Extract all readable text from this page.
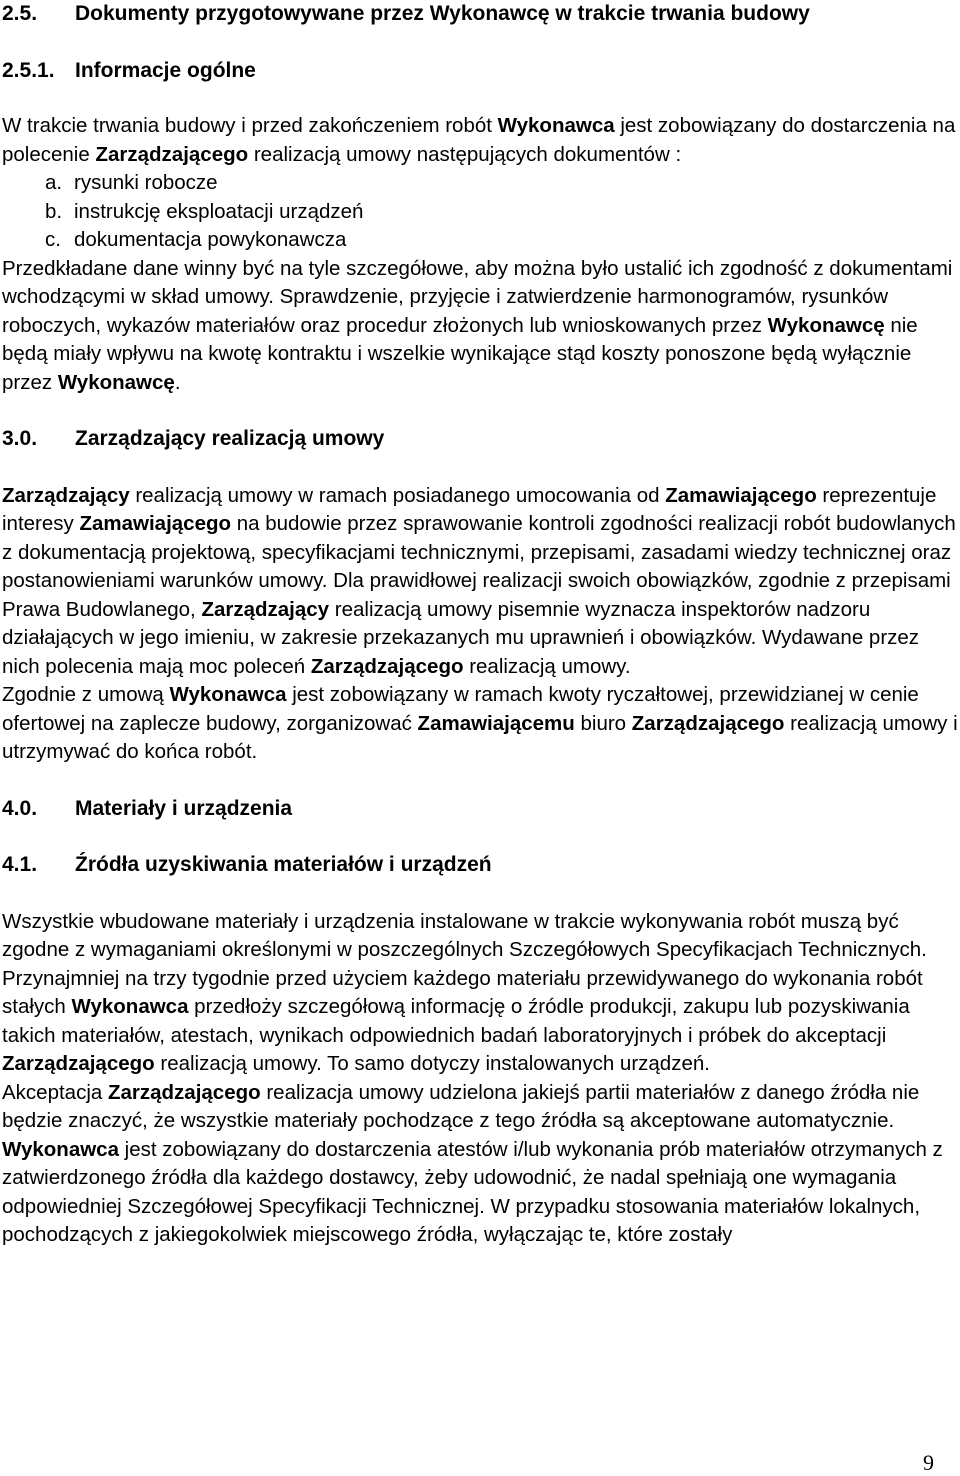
2.5. Dokumenty przygotowywane przez Wykonawcę w trakcie trwania budowy
2.5.1. Informacje ogólne

W trakcie trwania budowy i przed zakończeniem robót Wykonawca jest zobowiązany do dostarczenia na polecenie Zarządzającego realizacją umowy następujących dokumentów :

a. rysunki robocze
b. instrukcję eksploatacji urządzeń
c. dokumentacja powykonawcza

Przedkładane dane winny być na tyle szczegółowe, aby można było ustalić ich zgodność z dokumentami wchodzącymi w skład umowy. Sprawdzenie, przyjęcie i zatwierdzenie harmonogramów, rysunków roboczych, wykazów materiałów oraz procedur złożonych lub wnioskowanych przez Wykonawcę nie będą miały wpływu na kwotę kontraktu i wszelkie wynikające stąd koszty ponoszone będą wyłącznie przez Wykonawcę.

3.0. Zarządzający realizacją umowy

Zarządzający realizacją umowy w ramach posiadanego umocowania od Zamawiającego reprezentuje interesy Zamawiającego na budowie przez sprawowanie kontroli zgodności realizacji robót budowlanych z dokumentacją projektową, specyfikacjami technicznymi, przepisami, zasadami wiedzy technicznej oraz postanowieniami warunków umowy. Dla prawidłowej realizacji swoich obowiązków, zgodnie z przepisami Prawa Budowlanego, Zarządzający realizacją umowy pisemnie wyznacza inspektorów nadzoru działających w jego imieniu, w zakresie przekazanych mu uprawnień i obowiązków. Wydawane przez nich polecenia mają moc poleceń Zarządzającego realizacją umowy.

Zgodnie z umową Wykonawca jest zobowiązany w ramach kwoty ryczałtowej, przewidzianej w cenie ofertowej na zaplecze budowy, zorganizować Zamawiającemu biuro Zarządzającego realizacją umowy i utrzymywać do końca robót.

4.0. Materiały i urządzenia
4.1. Źródła uzyskiwania materiałów i urządzeń

Wszystkie wbudowane materiały i urządzenia instalowane w trakcie wykonywania robót muszą być zgodne z wymaganiami określonymi w poszczególnych Szczegółowych Specyfikacjach Technicznych. Przynajmniej na trzy tygodnie przed użyciem każdego materiału przewidywanego do wykonania robót stałych Wykonawca przedłoży szczegółową informację o źródle produkcji, zakupu lub pozyskiwania takich materiałów, atestach, wynikach odpowiednich badań laboratoryjnych i próbek do akceptacji Zarządzającego realizacją umowy. To samo dotyczy instalowanych urządzeń.

Akceptacja Zarządzającego realizacja umowy udzielona jakiejś partii materiałów z danego źródła nie będzie znaczyć, że wszystkie materiały pochodzące z tego źródła są akceptowane automatycznie. Wykonawca jest zobowiązany do dostarczenia atestów i/lub wykonania prób materiałów otrzymanych z zatwierdzonego źródła dla każdego dostawcy, żeby udowodnić, że nadal spełniają one wymagania odpowiedniej Szczegółowej Specyfikacji Technicznej. W przypadku stosowania materiałów lokalnych, pochodzących z jakiegokolwiek miejscowego źródła, wyłączając te, które zostały

9
